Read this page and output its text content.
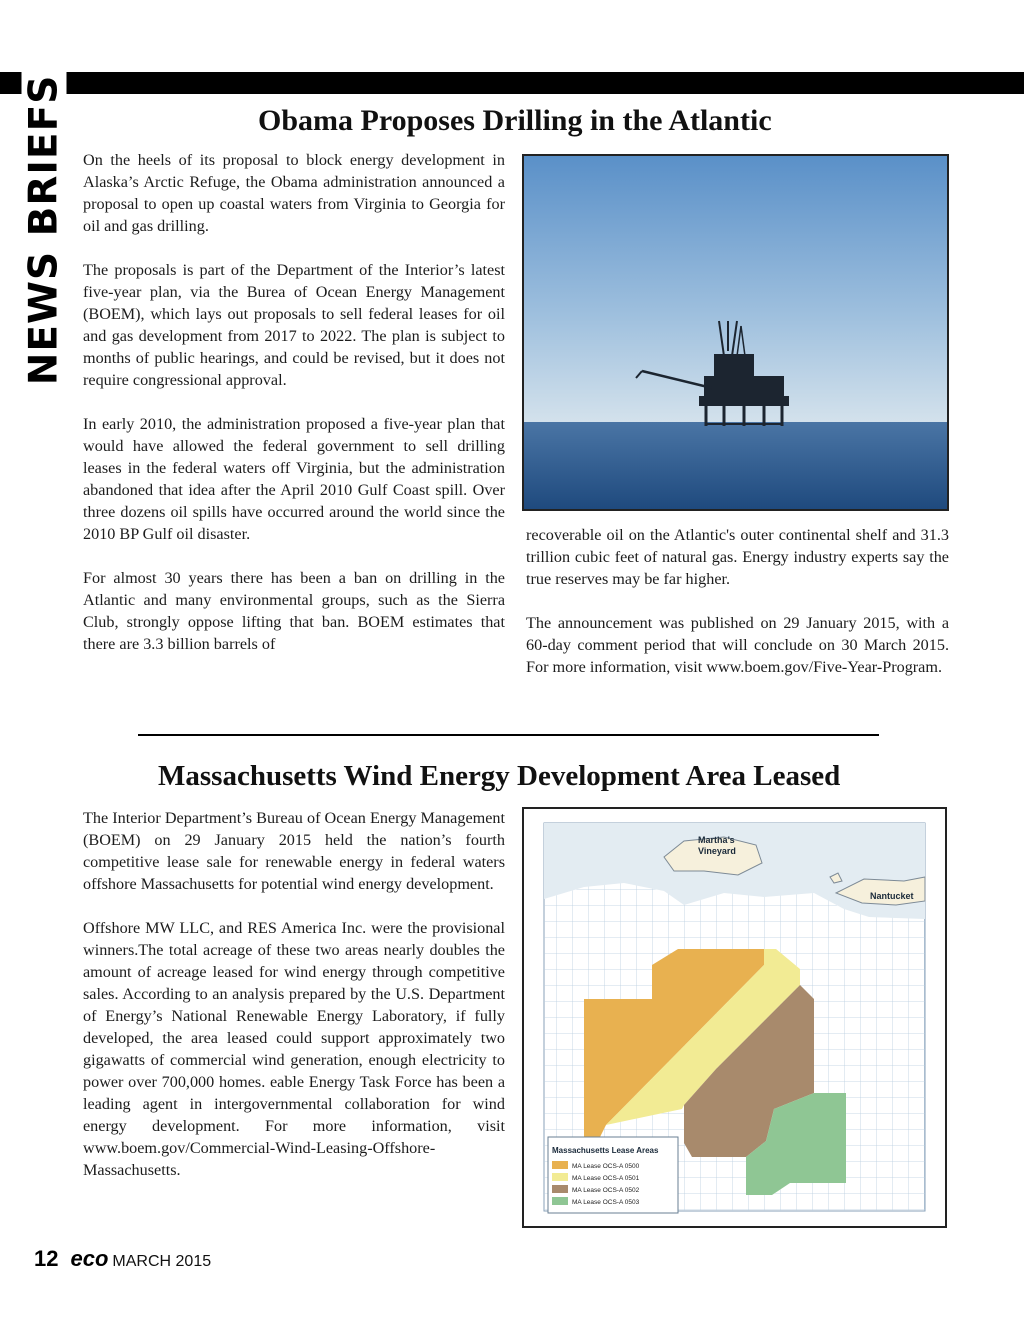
NEWS BRIEFS	Obama Proposes Drilling in the Atlantic

On the heels of its proposal to block energy development in Alaska’s Arctic Refuge, the Obama administration announced a proposal to open up coastal waters from Virginia to Georgia for oil and gas drilling.

The proposals is part of the Department of the Interior’s latest five-year plan, via the Burea of Ocean Energy Management (BOEM), which lays out proposals to sell federal leases for oil and gas development from 2017 to 2022. The plan is subject to months of public hearings, and could be revised, but it does not require congressional approval.

In early 2010, the administration proposed a five-year plan that would have allowed the federal government to sell drilling leases in the federal waters off Virginia, but the administration abandoned that idea after the April 2010 Gulf Coast spill. Over three dozens oil spills have occurred around the world since the 2010 BP Gulf oil disaster.

For almost 30 years there has been a ban on drilling in the Atlantic and many environmental groups, such as the Sierra Club, strongly oppose lifting that ban. BOEM estimates that there are 3.3 billion barrels of

recoverable oil on the Atlantic's outer continental shelf and 31.3 trillion cubic feet of natural gas. Energy industry experts say the true reserves may be far higher.

The announcement was published on 29 January 2015, with a 60-day comment period that will conclude on 30 March 2015. For more information, visit www.boem.gov/Five-Year-Program.

Massachusetts Wind Energy Development Area Leased

The Interior Department’s Bureau of Ocean Energy Management (BOEM) on 29 January 2015 held the nation’s fourth competitive lease sale for renewable energy in federal waters offshore Massachusetts for potential wind energy development.

Offshore MW LLC, and RES America Inc. were the provisional winners.The total acreage of these two areas nearly doubles the amount of acreage leased for wind energy through competitive sales. According to an analysis prepared by the U.S. Department of Energy’s National Renewable Energy Laboratory, if fully developed, the area leased could support approximately two gigawatts of commercial wind generation, enough electricity to power over 700,000 homes. eable Energy Task Force has been a leading agent in intergovernmental collaboration for wind energy development. For more information, visit www.boem.gov/Commercial-Wind-Leasing-Offshore-Massachusetts.

Massachusetts Lease Areas
MA Lease OCS-A 0500
MA Lease OCS-A 0501
MA Lease OCS-A 0502
MA Lease OCS-A 0503
Martha’s
Vineyard
Nantucket
12 eco MARCH 2015
